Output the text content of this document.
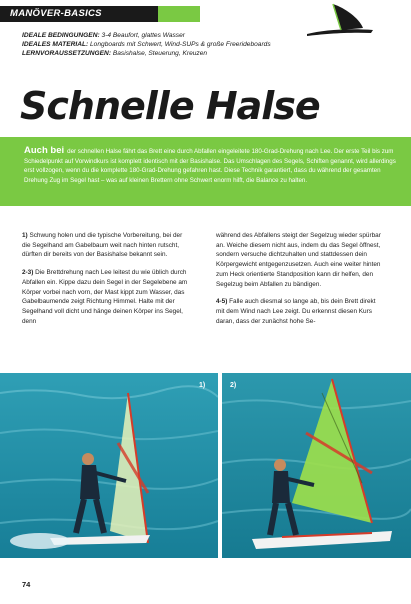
MANÖVER-BASICS
IDEALE BEDINGUNGEN: 3-4 Beaufort, glattes Wasser
IDEALES MATERIAL: Longboards mit Schwert, Wind-SUPs & große Freerideboards
LERNVORAUSSETZUNGEN: Basishalse, Steuerung, Kreuzen
Schnelle Halse
Auch bei der schnellen Halse fährt das Brett eine durch Abfallen eingeleitete 180-Grad-Drehung nach Lee. Der erste Teil bis zum Schiedelpunkt auf Vorwindkurs ist komplett identisch mit der Basishalse. Das Umschlagen des Segels, Schiften genannt, wird allerdings erst vollzogen, wenn du die komplette 180-Grad-Drehung gefahren hast. Diese Technik garantiert, dass du während der gesamten Drehung Zug im Segel hast – was auf kleinen Brettern ohne Schwert enorm hilft, die Balance zu halten.

1) Schwung holen und die typische Vorbereitung, bei der die Segelhand am Gabelbaum weit nach hinten rutscht, dürften dir bereits von der Basishalse bekannt sein.

2-3) Die Brettdrehung nach Lee leitest du wie üblich durch Abfallen ein. Kippe dazu dein Segel in der Segelebene am Körper vorbei nach vorn, der Mast kippt zum Wasser, das Gabelbaumende zeigt Richtung Himmel. Halte mit der Segelhand voll dicht und hänge deinen Körper ins Segel, denn

während des Abfallens steigt der Segelzug wieder spürbar an. Weiche diesem nicht aus, indem du das Segel öffnest, sondern versuche dichtzuhalten und stattdessen dein Körpergewicht entgegenzusetzen. Auch eine weiter hinten zum Heck orientierte Standposition kann dir helfen, den Segelzug beim Abfallen zu bändigen.

4-5) Falle auch diesmal so lange ab, bis dein Brett direkt mit dem Wind nach Lee zeigt. Du erkennst diesen Kurs daran, dass der zunächst hohe Se-

1)	2)
74
